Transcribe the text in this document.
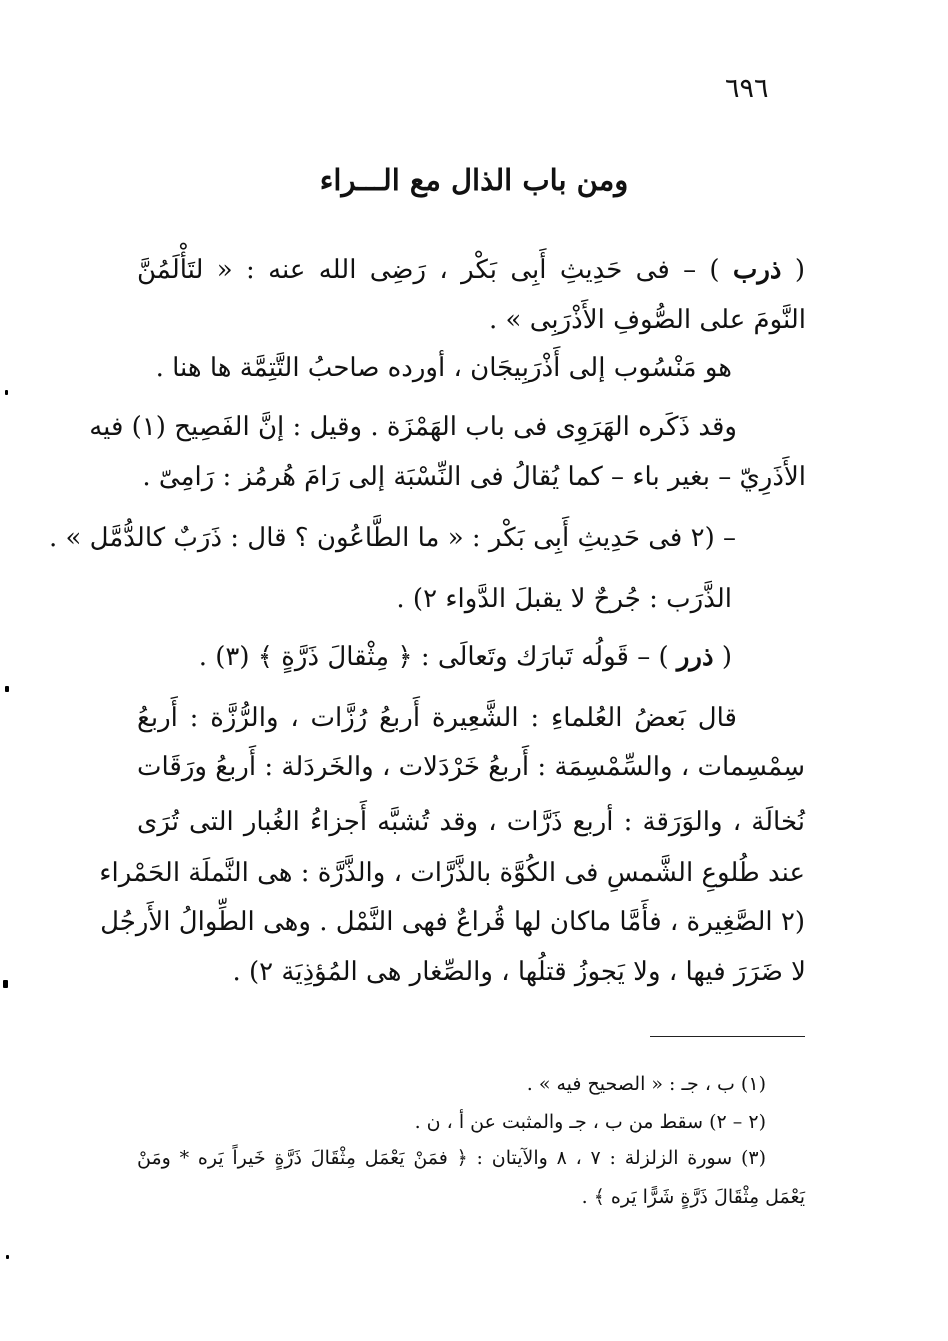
٦٩٦
ومن باب الذال مع الـــراء
( ذرب ) – فى حَدِيثِ أَبِى بَكْر ، رَضِى الله عنه : « لتَأْلَمُنَّ
النَّومَ على الصُّوفِ الأَذْرَبِى » .
هو مَنْسُوب إلى أَذْرَبِيجَان ، أورده صاحبُ التَّتِمَّة ها هنا .
وقد ذَكَره الهَرَوِى فى باب الهَمْزَة . وقيل : إنَّ الفَصِيح (١) فيه
الأَذَرِيّ – بغير باء – كما يُقالُ فى النِّسْبَة إلى رَامَ هُرمُز : رَامِىّ .
– (٢ فى حَدِيثِ أَبِى بَكْر : « ما الطَّاعُون ؟ قال : ذَرَبٌ كالدُّمَّل » .
الذَّرَب : جُرحٌ لا يقبلَ الدَّواء ٢) .
( ذرر ) – قَولُه تَبارَك وتَعالَى : ﴿ مِثْقالَ ذَرَّةٍ ﴾ (٣) .
قال بَعضُ العُلماءِ : الشَّعِيرة أَربعُ رُزَّات ، والرُّزَّة : أَربعُ
سِمْسِمات ، والسِّمْسِمَة : أَربعُ خَرْدَلات ، والخَردَلة : أَربعُ ورَقَات
نُخالَة ، والوَرَقة : أربع ذَرَّات ، وقد تُشبَّه أَجزاءُ الغُبار التى تُرَى
عند طُلوعِ الشَّمسِ فى الكُوَّة بالذَّرَّات ، والذَّرَّة : هى النَّملَة الحَمْراء
(٢ الصَّغِيرة ، فأَمَّا ماكان لها قُراعٌ فهى النَّمْل . وهى الطِّوالُ الأَرجُل
لا ضَرَرَ فيها ، ولا يَجوزُ قتلُها ، والصِّغار هى المُؤذِيَة ٢) .
(١) ب ، جـ : « الصحيح فيه » .
(٢ – ٢) سقط من ب ، جـ والمثبت عن أ ، ن .
(٣) سورة الزلزلة : ٧ ، ٨ والآيتان : ﴿ فمَنْ يَعْمَل مِثْقَالَ ذَرَّةٍ خَيراً يَره * ومَنْ
يَعْمَل مِثْقَالَ ذَرَّةٍ شَرًّا يَره ﴾ .
